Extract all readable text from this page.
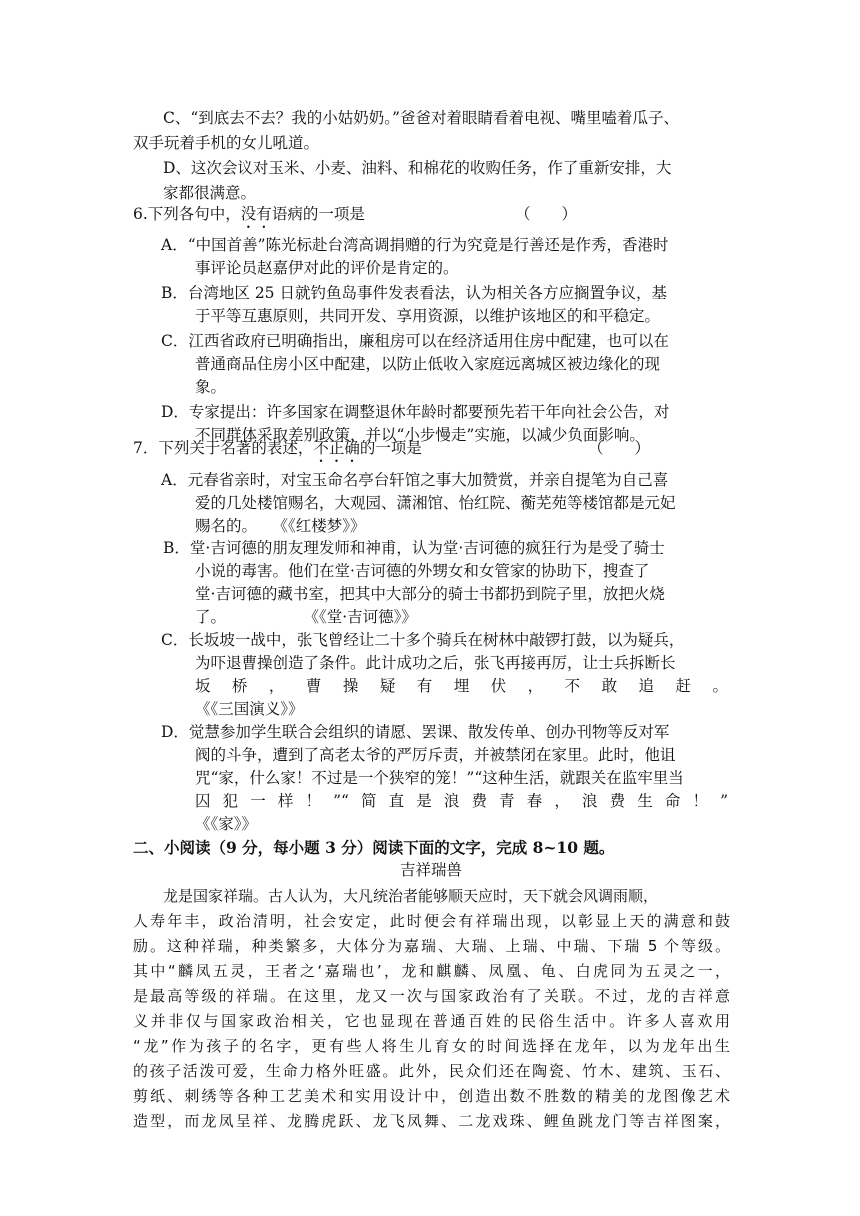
C、“到底去不去？我的小姑奶奶。”爸爸对着眼睛看着电视、嘴里嗑着瓜子、
双手玩着手机的女儿吼道。
D、这次会议对玉米、小麦、油料、和棉花的收购任务，作了重新安排，大
家都很满意。
6.下列各句中，没有语病的一项是	（　　）
A．“中国首善”陈光标赴台湾高调捐赠的行为究竟是行善还是作秀，香港时
事评论员赵嘉伊对此的评价是肯定的。
B．台湾地区 25 日就钓鱼岛事件发表看法，认为相关各方应搁置争议，基
于平等互惠原则，共同开发、享用资源，以维护该地区的和平稳定。
C．江西省政府已明确指出，廉租房可以在经济适用住房中配建，也可以在
普通商品住房小区中配建，以防止低收入家庭远离城区被边缘化的现
象。
D．专家提出：许多国家在调整退休年龄时都要预先若干年向社会公告，对
不同群体采取差别政策，并以“小步慢走”实施，以减少负面影响。
7．下列关于名著的表述，不正确的一项是	（　　）
A．元春省亲时，对宝玉命名亭台轩馆之事大加赞赏，并亲自提笔为自己喜
爱的几处楼馆赐名，大观园、潇湘馆、怡红院、蘅芜苑等楼馆都是元妃
赐名的。　　《《红楼梦》》
B．堂·吉诃德的朋友理发师和神甫，认为堂·吉诃德的疯狂行为是受了骑士
小说的毒害。他们在堂·吉诃德的外甥女和女管家的协助下，搜查了
堂·吉诃德的藏书室，把其中大部分的骑士书都扔到院子里，放把火烧
了。　　　　　　《《堂·吉诃德》》
C．长坂坡一战中，张飞曾经让二十多个骑兵在树林中敲锣打鼓，以为疑兵，
为吓退曹操创造了条件。此计成功之后，张飞再接再厉，让士兵拆断长
坂桥，曹操疑有埋伏，不敢追赶。
《《三国演义》》
D．觉慧参加学生联合会组织的请愿、罢课、散发传单、创办刊物等反对军
阀的斗争，遭到了高老太爷的严厉斥责，并被禁闭在家里。此时，他诅
咒“家，什么家！不过是一个狭窄的笼！”“这种生活，就跟关在监牢里当
囚犯一样！”“简直是浪费青春，浪费生命！”
《《家》》
二、小阅读（9 分，每小题 3 分）阅读下面的文字，完成 8~10 题。
吉祥瑞兽
龙是国家祥瑞。古人认为，大凡统治者能够顺天应时，天下就会风调雨顺，
人寿年丰，政治清明，社会安定，此时便会有祥瑞出现，以彰显上天的满意和鼓
励。这种祥瑞，种类繁多，大体分为嘉瑞、大瑞、上瑞、中瑞、下瑞 5 个等级。
其中“麟凤五灵，王者之‘嘉瑞也’，龙和麒麟、凤凰、龟、白虎同为五灵之一，
是最高等级的祥瑞。在这里，龙又一次与国家政治有了关联。不过，龙的吉祥意
义并非仅与国家政治相关，它也显现在普通百姓的民俗生活中。许多人喜欢用
“龙”作为孩子的名字，更有些人将生儿育女的时间选择在龙年，以为龙年出生
的孩子活泼可爱，生命力格外旺盛。此外，民众们还在陶瓷、竹木、建筑、玉石、
剪纸、刺绣等各种工艺美术和实用设计中，创造出数不胜数的精美的龙图像艺术
造型，而龙凤呈祥、龙腾虎跃、龙飞凤舞、二龙戏珠、鲤鱼跳龙门等吉祥图案，
